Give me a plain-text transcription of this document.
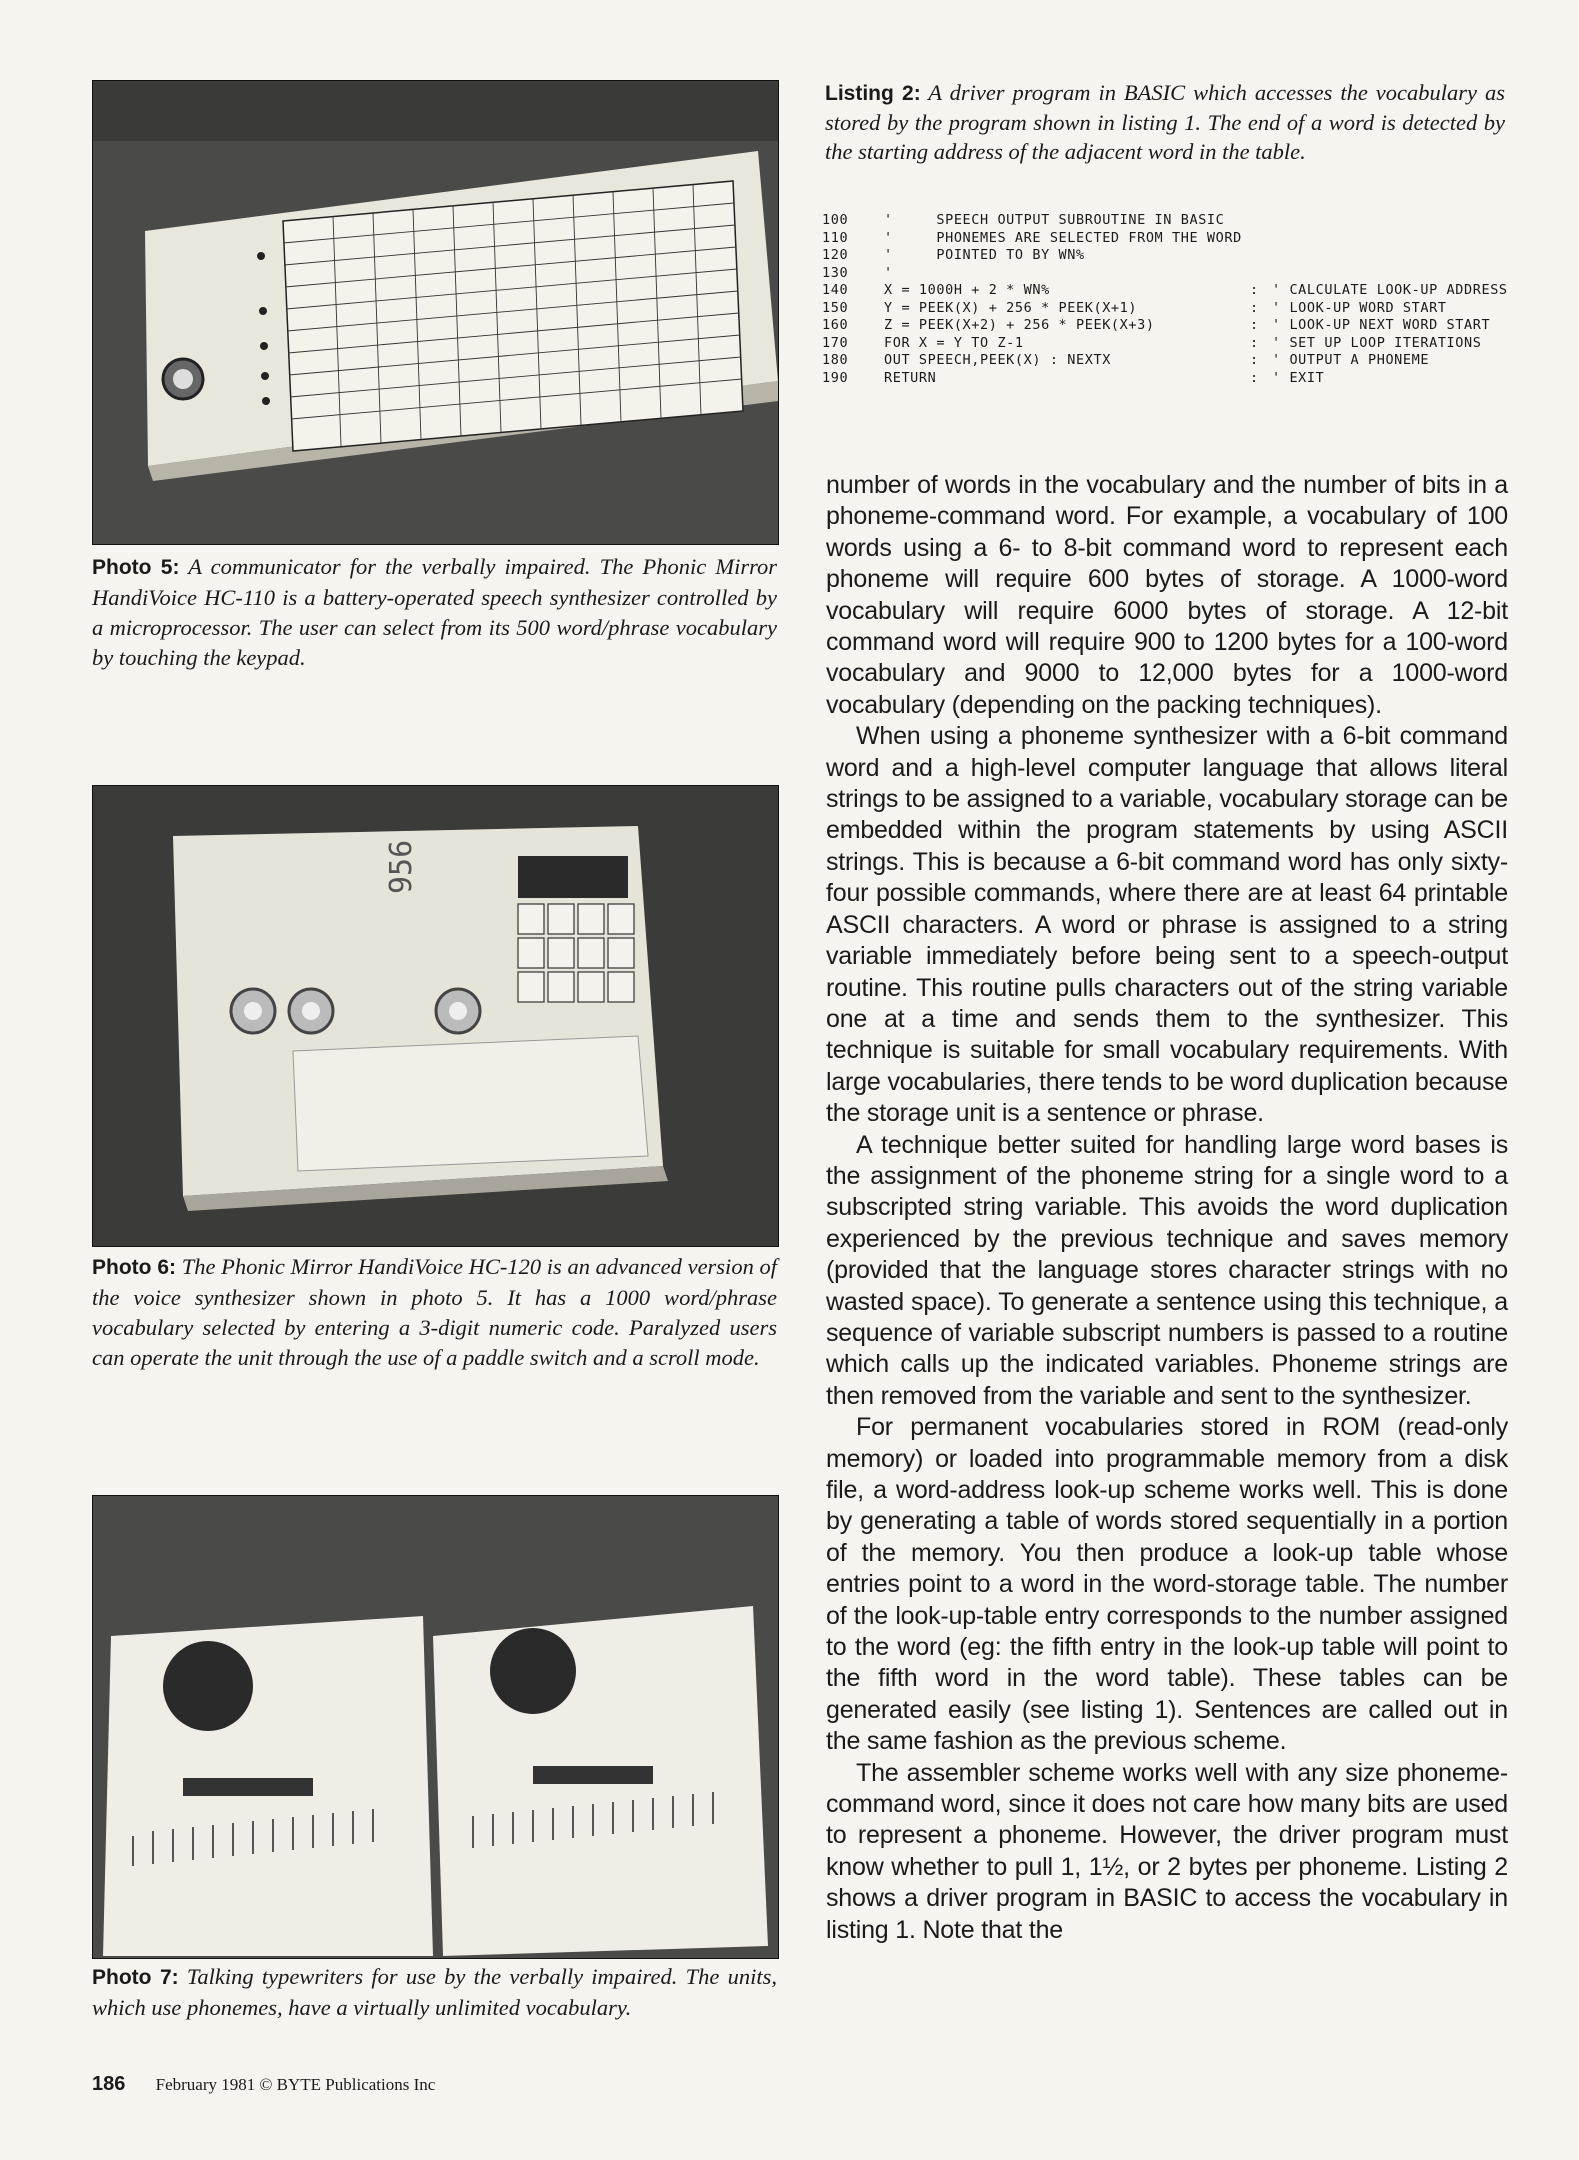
Photo 5: A communicator for the verbally impaired. The Phonic Mirror HandiVoice HC-110 is a battery-operated speech synthesizer controlled by a microprocessor. The user can select from its 500 word/phrase vocabulary by touching the keypad.
956
Photo 6: The Phonic Mirror HandiVoice HC-120 is an advanced version of the voice synthesizer shown in photo 5. It has a 1000 word/phrase vocabulary selected by entering a 3-digit numeric code. Paralyzed users can operate the unit through the use of a paddle switch and a scroll mode.
Photo 7: Talking typewriters for use by the verbally impaired. The units, which use phonemes, have a virtually unlimited vocabulary.
Listing 2: A driver program in BASIC which accesses the vocabulary as stored by the program shown in listing 1. The end of a word is detected by the starting address of the adjacent word in the table.
100	'     SPEECH OUTPUT SUBROUTINE IN BASIC
110	'     PHONEMES ARE SELECTED FROM THE WORD
120	'     POINTED TO BY WN%
130	'
140	X = 1000H + 2 * WN%	: ' CALCULATE LOOK-UP ADDRESS
150	Y = PEEK(X) + 256 * PEEK(X+1)	: ' LOOK-UP WORD START
160	Z = PEEK(X+2) + 256 * PEEK(X+3)	: ' LOOK-UP NEXT WORD START
170	FOR X = Y TO Z-1	: ' SET UP LOOP ITERATIONS
180	OUT SPEECH,PEEK(X) : NEXTX	: ' OUTPUT A PHONEME
190	RETURN	: ' EXIT

number of words in the vocabulary and the number of bits in a phoneme-command word. For example, a vocabulary of 100 words using a 6- to 8-bit command word to represent each phoneme will require 600 bytes of storage. A 1000-word vocabulary will require 6000 bytes of storage. A 12-bit command word will require 900 to 1200 bytes for a 100-word vocabulary and 9000 to 12,000 bytes for a 1000-word vocabulary (depending on the packing techniques).

When using a phoneme synthesizer with a 6-bit command word and a high-level computer language that allows literal strings to be assigned to a variable, vocabulary storage can be embedded within the program statements by using ASCII strings. This is because a 6-bit command word has only sixty-four possible commands, where there are at least 64 printable ASCII characters. A word or phrase is assigned to a string variable immediately before being sent to a speech-output routine. This routine pulls characters out of the string variable one at a time and sends them to the synthesizer. This technique is suitable for small vocabulary requirements. With large vocabularies, there tends to be word duplication because the storage unit is a sentence or phrase.

A technique better suited for handling large word bases is the assignment of the phoneme string for a single word to a subscripted string variable. This avoids the word duplication experienced by the previous technique and saves memory (provided that the language stores character strings with no wasted space). To generate a sentence using this technique, a sequence of variable subscript numbers is passed to a routine which calls up the indicated variables. Phoneme strings are then removed from the variable and sent to the synthesizer.

For permanent vocabularies stored in ROM (read-only memory) or loaded into programmable memory from a disk file, a word-address look-up scheme works well. This is done by generating a table of words stored sequentially in a portion of the memory. You then produce a look-up table whose entries point to a word in the word-storage table. The number of the look-up-table entry corresponds to the number assigned to the word (eg: the fifth entry in the look-up table will point to the fifth word in the word table). These tables can be generated easily (see listing 1). Sentences are called out in the same fashion as the previous scheme.

The assembler scheme works well with any size phoneme-command word, since it does not care how many bits are used to represent a phoneme. However, the driver program must know whether to pull 1, 1½, or 2 bytes per phoneme. Listing 2 shows a driver program in BASIC to access the vocabulary in listing 1. Note that the

186 February 1981 © BYTE Publications Inc
